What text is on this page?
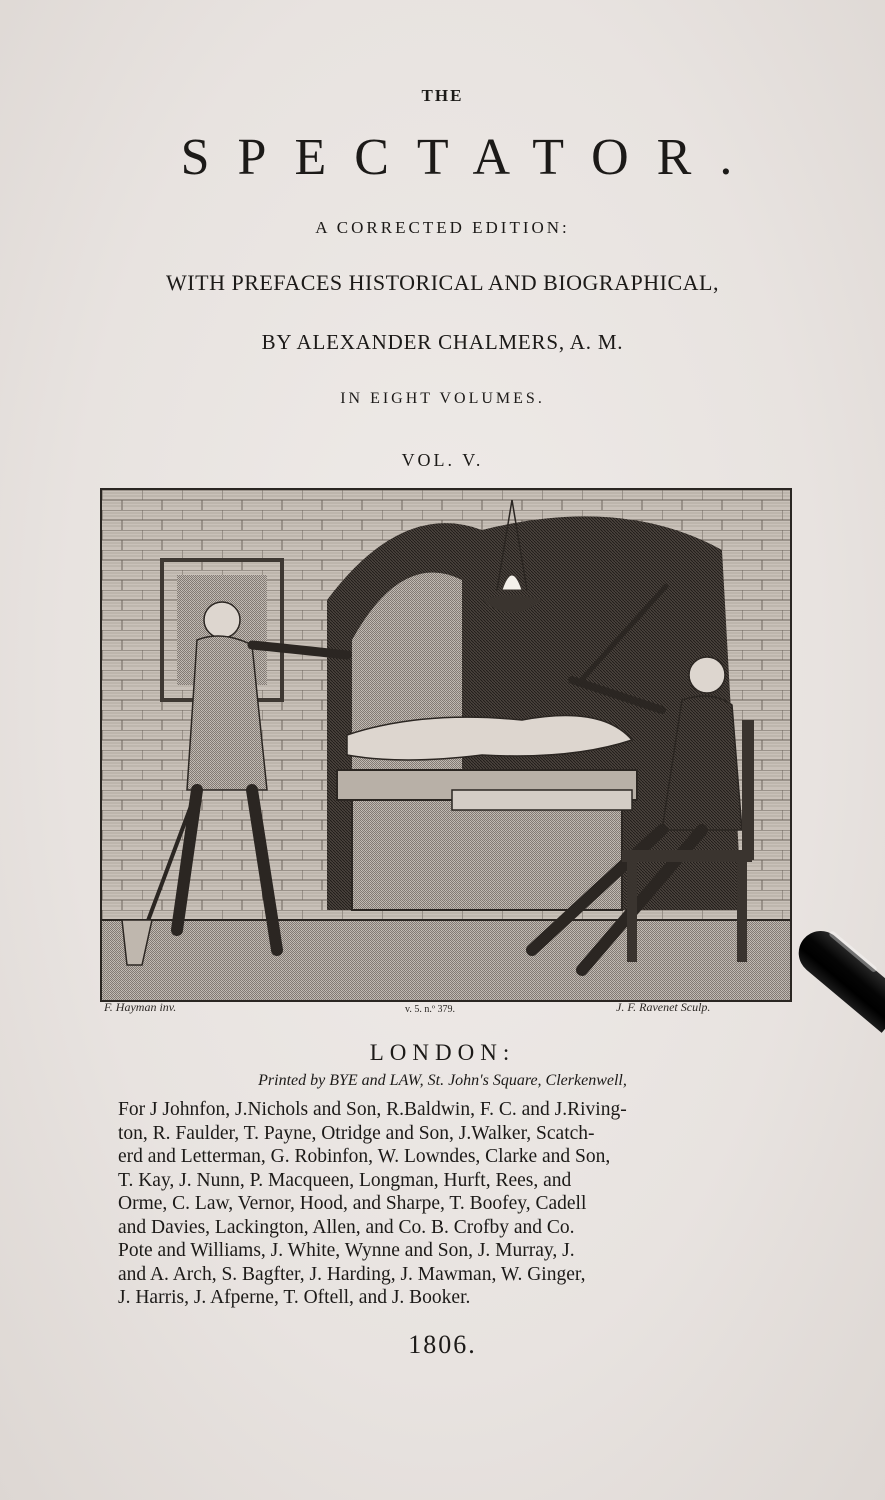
THE
SPECTATOR.
A CORRECTED EDITION:
WITH PREFACES HISTORICAL AND BIOGRAPHICAL,
BY ALEXANDER CHALMERS, A. M.
IN EIGHT VOLUMES.
VOL. V.
F. Hayman inv.	v. 5. n.º 379.	J. F. Ravenet Sculp.
LONDON:
Printed by BYE and LAW, St. John's Square, Clerkenwell,
For J Johnfon, J.Nichols and Son, R.Baldwin, F. C. and J.Riving-
ton, R. Faulder, T. Payne, Otridge and Son, J.Walker, Scatch-
erd and Letterman, G. Robinfon, W. Lowndes, Clarke and Son,
T. Kay, J. Nunn, P. Macqueen, Longman, Hurft, Rees, and
Orme, C. Law, Vernor, Hood, and Sharpe, T. Boofey, Cadell
and Davies, Lackington, Allen, and Co. B. Crofby and Co.
Pote and Williams, J. White, Wynne and Son, J. Murray, J.
and A. Arch, S. Bagfter, J. Harding, J. Mawman, W. Ginger,
J. Harris, J. Afperne, T. Oftell, and J. Booker.
1806.
